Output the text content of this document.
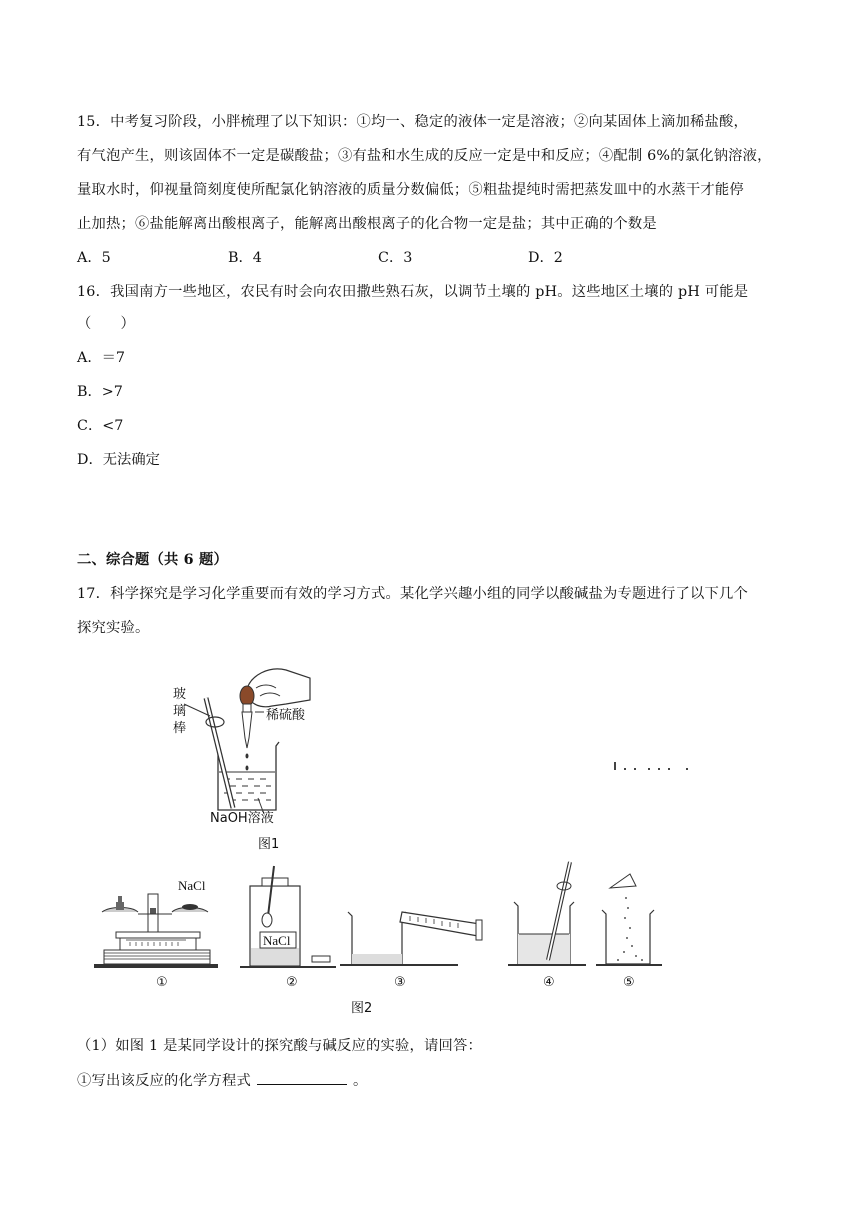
15．中考复习阶段，小胖梳理了以下知识：①均一、稳定的液体一定是溶液；②向某固体上滴加稀盐酸，
有气泡产生，则该固体不一定是碳酸盐；③有盐和水生成的反应一定是中和反应；④配制 6%的氯化钠溶液，
量取水时，仰视量筒刻度使所配氯化钠溶液的质量分数偏低；⑤粗盐提纯时需把蒸发皿中的水蒸干才能停
止加热；⑥盐能解离出酸根离子，能解离出酸根离子的化合物一定是盐；其中正确的个数是
A．5	B．4	C．3	D．2
16．我国南方一些地区，农民有时会向农田撒些熟石灰，以调节土壤的 pH。这些地区土壤的 pH 可能是
（　　）
A．＝7
B．>7
C．<7
D．无法确定
二、综合题（共 6 题）
17．科学探究是学习化学重要而有效的学习方式。某化学兴趣小组的同学以酸碱盐为专题进行了以下几个
探究实验。
玻
璃
棒
稀硫酸
NaOH溶液
图1
NaCl
NaCl
①	②	③	④	⑤
图2
（1）如图 1 是某同学设计的探究酸与碱反应的实验，请回答：
①写出该反应的化学方程式	。
